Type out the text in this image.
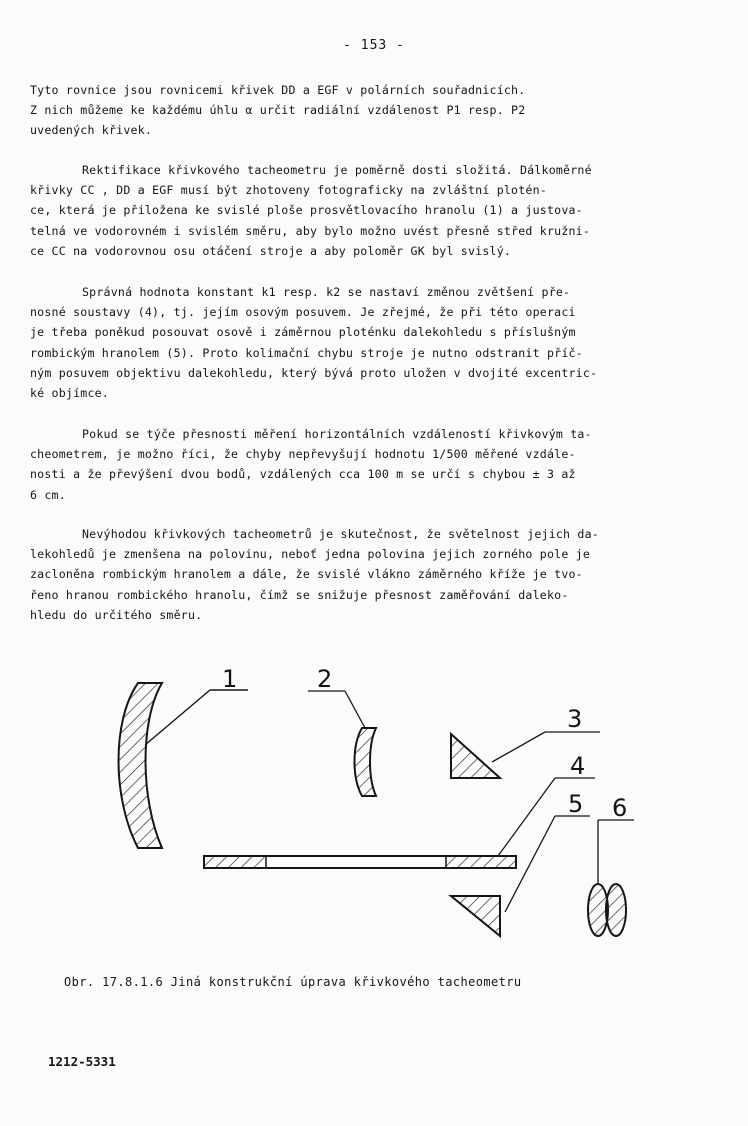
- 153 -

Tyto rovnice jsou rovnicemi křivek DD a EGF v polárních souřadnicích.

Z nich můžeme ke každému úhlu α určit radiální vzdálenost P1 resp. P2

uvedených křivek.

Rektifikace křivkového tacheometru je poměrně dosti složitá. Dálkoměrné

křivky CC , DD a EGF musí být zhotoveny fotograficky na zvláštní plotén-

ce, která je přiložena ke svislé ploše prosvětlovacího hranolu (1) a justova-

telná ve vodorovném i svislém směru, aby bylo možno uvést přesně střed kružni-

ce CC na vodorovnou osu otáčení stroje a aby poloměr GK byl svislý.

Správná hodnota konstant k1 resp. k2 se nastaví změnou zvětšení pře-

nosné soustavy (4), tj. jejím osovým posuvem. Je zřejmé, že při této operaci

je třeba poněkud posouvat osově i záměrnou ploténku dalekohledu s příslušným

rombickým hranolem (5). Proto kolimační chybu stroje je nutno odstranit příč-

ným posuvem objektivu dalekohledu, který bývá proto uložen v dvojité excentric-

ké objímce.

Pokud se týče přesnosti měření horizontálních vzdáleností křivkovým ta-

cheometrem, je možno říci, že chyby nepřevyšují hodnotu 1/500 měřené vzdále-

nosti a že převýšení dvou bodů, vzdálených cca 100 m se určí s chybou ± 3 až

6 cm.

Nevýhodou křivkových tacheometrů je skutečnost, že světelnost jejich da-

lekohledů je zmenšena na polovinu, neboť jedna polovina jejich zorného pole je

zacloněna rombickým hranolem a dále, že svislé vlákno záměrného kříže je tvo-

řeno hranou rombického hranolu, čímž se snižuje přesnost zaměřování daleko-

hledu do určitého směru.

1	2
3
4
5 6
Obr. 17.8.1.6 Jiná konstrukční úprava křivkového tacheometru
1212-5331
